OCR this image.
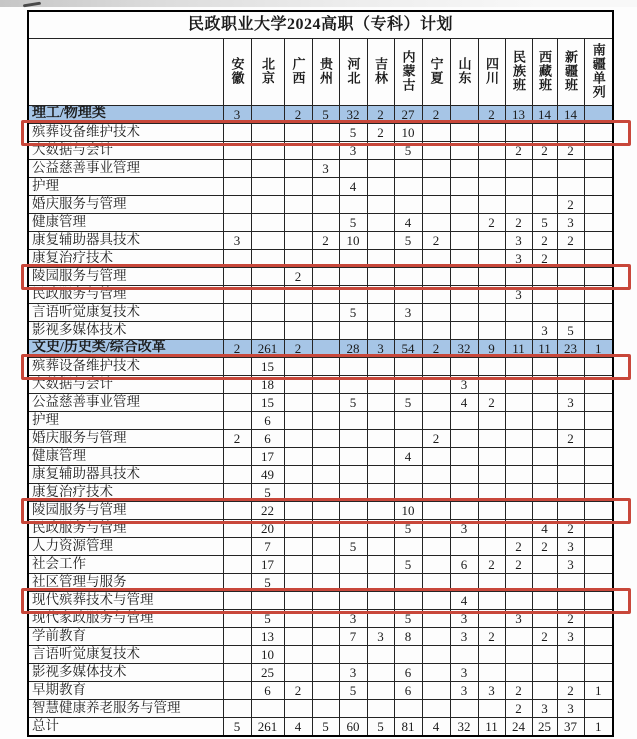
民政职业大学2024高职（专科）计划														
	安徽	北京	广西	贵州	河北	吉林	内蒙古	宁夏	山东	四川	民族班	西藏班	新疆班	南疆单列
理工/物理类	3		2	5	32	2	27	2		2	13	14	14	
殡葬设备维护技术					5	2	10							
大数据与会计					3		5				2	2	2	
公益慈善事业管理				3										
护理					4									
婚庆服务与管理													2	
健康管理					5		4			2	2	5	3	
康复辅助器具技术	3			2	10		5	2			3	2	2	
康复治疗技术											3	2		
陵园服务与管理			2											
民政服务与管理											3			
言语听觉康复技术					5		3							
影视多媒体技术												3	5	
文史/历史类/综合改革	2	261	2		28	3	54	2	32	9	11	11	23	1
殡葬设备维护技术		15												
大数据与会计		18							3					
公益慈善事业管理		15			5		5		4	2			3	
护理		6												
婚庆服务与管理	2	6						2					2	
健康管理		17					4							
康复辅助器具技术		49												
康复治疗技术		5												
陵园服务与管理		22					10							
民政服务与管理		20					5		3			4	2	
人力资源管理		7			5						2	2	3	
社会工作		17					5		6	2	2		3	
社区管理与服务		5												
现代殡葬技术与管理									4					
现代家政服务与管理		5			3		5		3		3		2	
学前教育		13			7	3	8		3	2		2	3	
言语听觉康复技术		10												
影视多媒体技术		25			3		6		3					
早期教育		6	2		5		6		3	3	2		2	1
智慧健康养老服务与管理											2	3	3	
总计	5	261	4	5	60	5	81	4	32	11	24	25	37	1
